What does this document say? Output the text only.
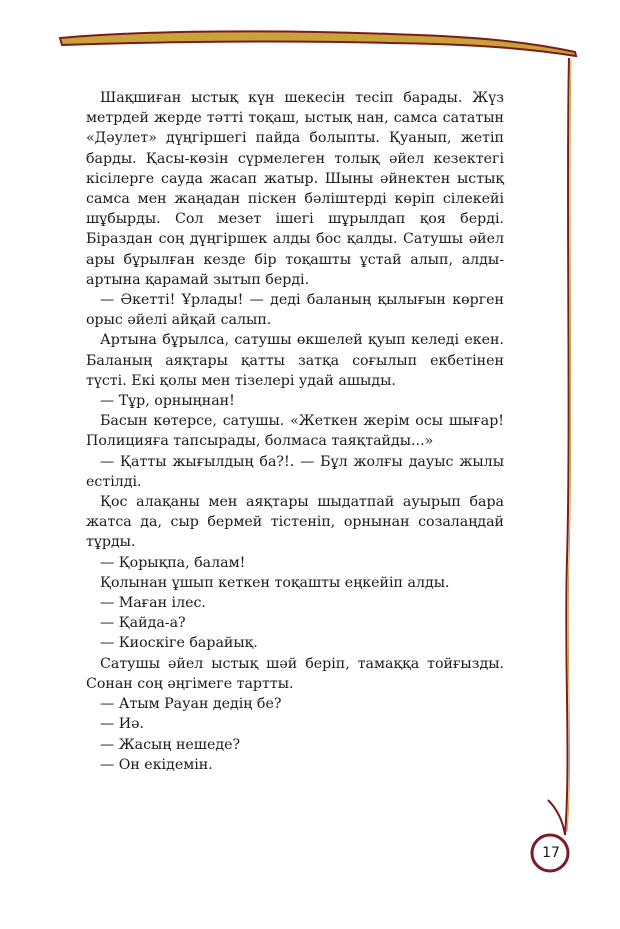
Шақшиған ыстық күн шекесін тесіп барады. Жүз метрдей жерде тәтті тоқаш, ыстық нан, самса сататын «Дәулет» дүңгіршегі пайда болыпты. Қуанып, жетіп барды. Қасы-көзін сүрмелеген толық әйел кезектегі кісілерге сауда жасап жатыр. Шыны әйнектен ыстық самса мен жаңадан піскен бәліштерді көріп сілекейі шұбырды. Сол мезет ішегі шұрылдап қоя берді. Біраздан соң дүңгіршек алды бос қалды. Сатушы әйел ары бұрылған кезде бір тоқашты ұстай алып, алды-артына қарамай зытып берді.

— Әкетті! Ұрлады! — деді баланың қылығын көрген орыс әйелі айқай салып.

Артына бұрылса, сатушы өкшелей қуып келеді екен. Баланың аяқтары қатты затқа соғылып екбетінен түсті. Екі қолы мен тізелері удай ашыды.

— Тұр, орныңнан!

Басын көтерсе, сатушы. «Жеткен жерім осы шығар! Полицияға тапсырады, болмаса таяқтайды...»

— Қатты жығылдың ба?!. — Бұл жолғы дауыс жылы естілді.

Қос алақаны мен аяқтары шыдатпай ауырып бара жатса да, сыр бермей тістеніп, орнынан созалаңдай тұрды.

— Қорықпа, балам!

Қолынан ұшып кеткен тоқашты еңкейіп алды.

— Маған ілес.

— Қайда-а?

— Киоскіге барайық.

Сатушы әйел ыстық шәй беріп, тамаққа тойғызды. Сонан соң әңгімеге тартты.

— Атым Рауан дедің бе?

— Иә.

— Жасың нешеде?

— Он екідемін.

17
